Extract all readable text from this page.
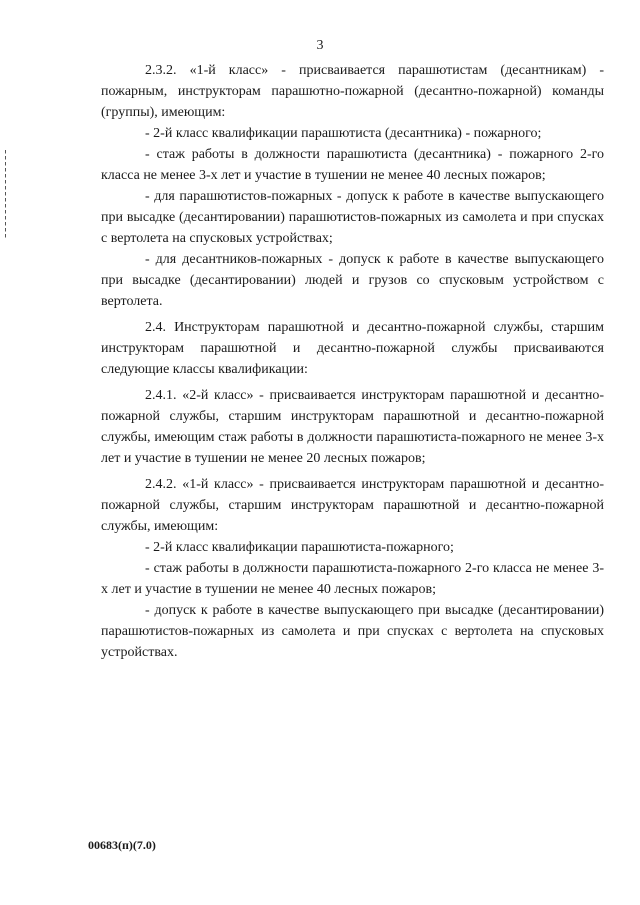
3

2.3.2. «1-й класс» - присваивается парашютистам (десантникам) - пожарным, инструкторам парашютно-пожарной (десантно-пожарной) команды (группы), имеющим:

- 2-й класс квалификации парашютиста (десантника) - пожарного;

- стаж работы в должности парашютиста (десантника) - пожарного 2-го класса не менее 3-х лет и участие в тушении не менее 40 лесных пожаров;

- для парашютистов-пожарных - допуск к работе в качестве выпускающего при высадке (десантировании) парашютистов-пожарных из самолета и при спусках с вертолета на спусковых устройствах;

- для десантников-пожарных - допуск к работе в качестве выпускающего при высадке (десантировании) людей и грузов со спусковым устройством с вертолета.

2.4. Инструкторам парашютной и десантно-пожарной службы, старшим инструкторам парашютной и десантно-пожарной службы присваиваются следующие классы квалификации:

2.4.1. «2-й класс» - присваивается инструкторам парашютной и десантно-пожарной службы, старшим инструкторам парашютной и десантно-пожарной службы, имеющим стаж работы в должности парашютиста-пожарного не менее 3-х лет и участие в тушении не менее 20 лесных пожаров;

2.4.2. «1-й класс» - присваивается инструкторам парашютной и десантно-пожарной службы, старшим инструкторам парашютной и десантно-пожарной службы, имеющим:

- 2-й класс квалификации парашютиста-пожарного;

- стаж работы в должности парашютиста-пожарного 2-го класса не менее 3-х лет и участие в тушении не менее 40 лесных пожаров;

- допуск к работе в качестве выпускающего при высадке (десантировании) парашютистов-пожарных из самолета и при спусках с вертолета на спусковых устройствах.

00683(п)(7.0)
